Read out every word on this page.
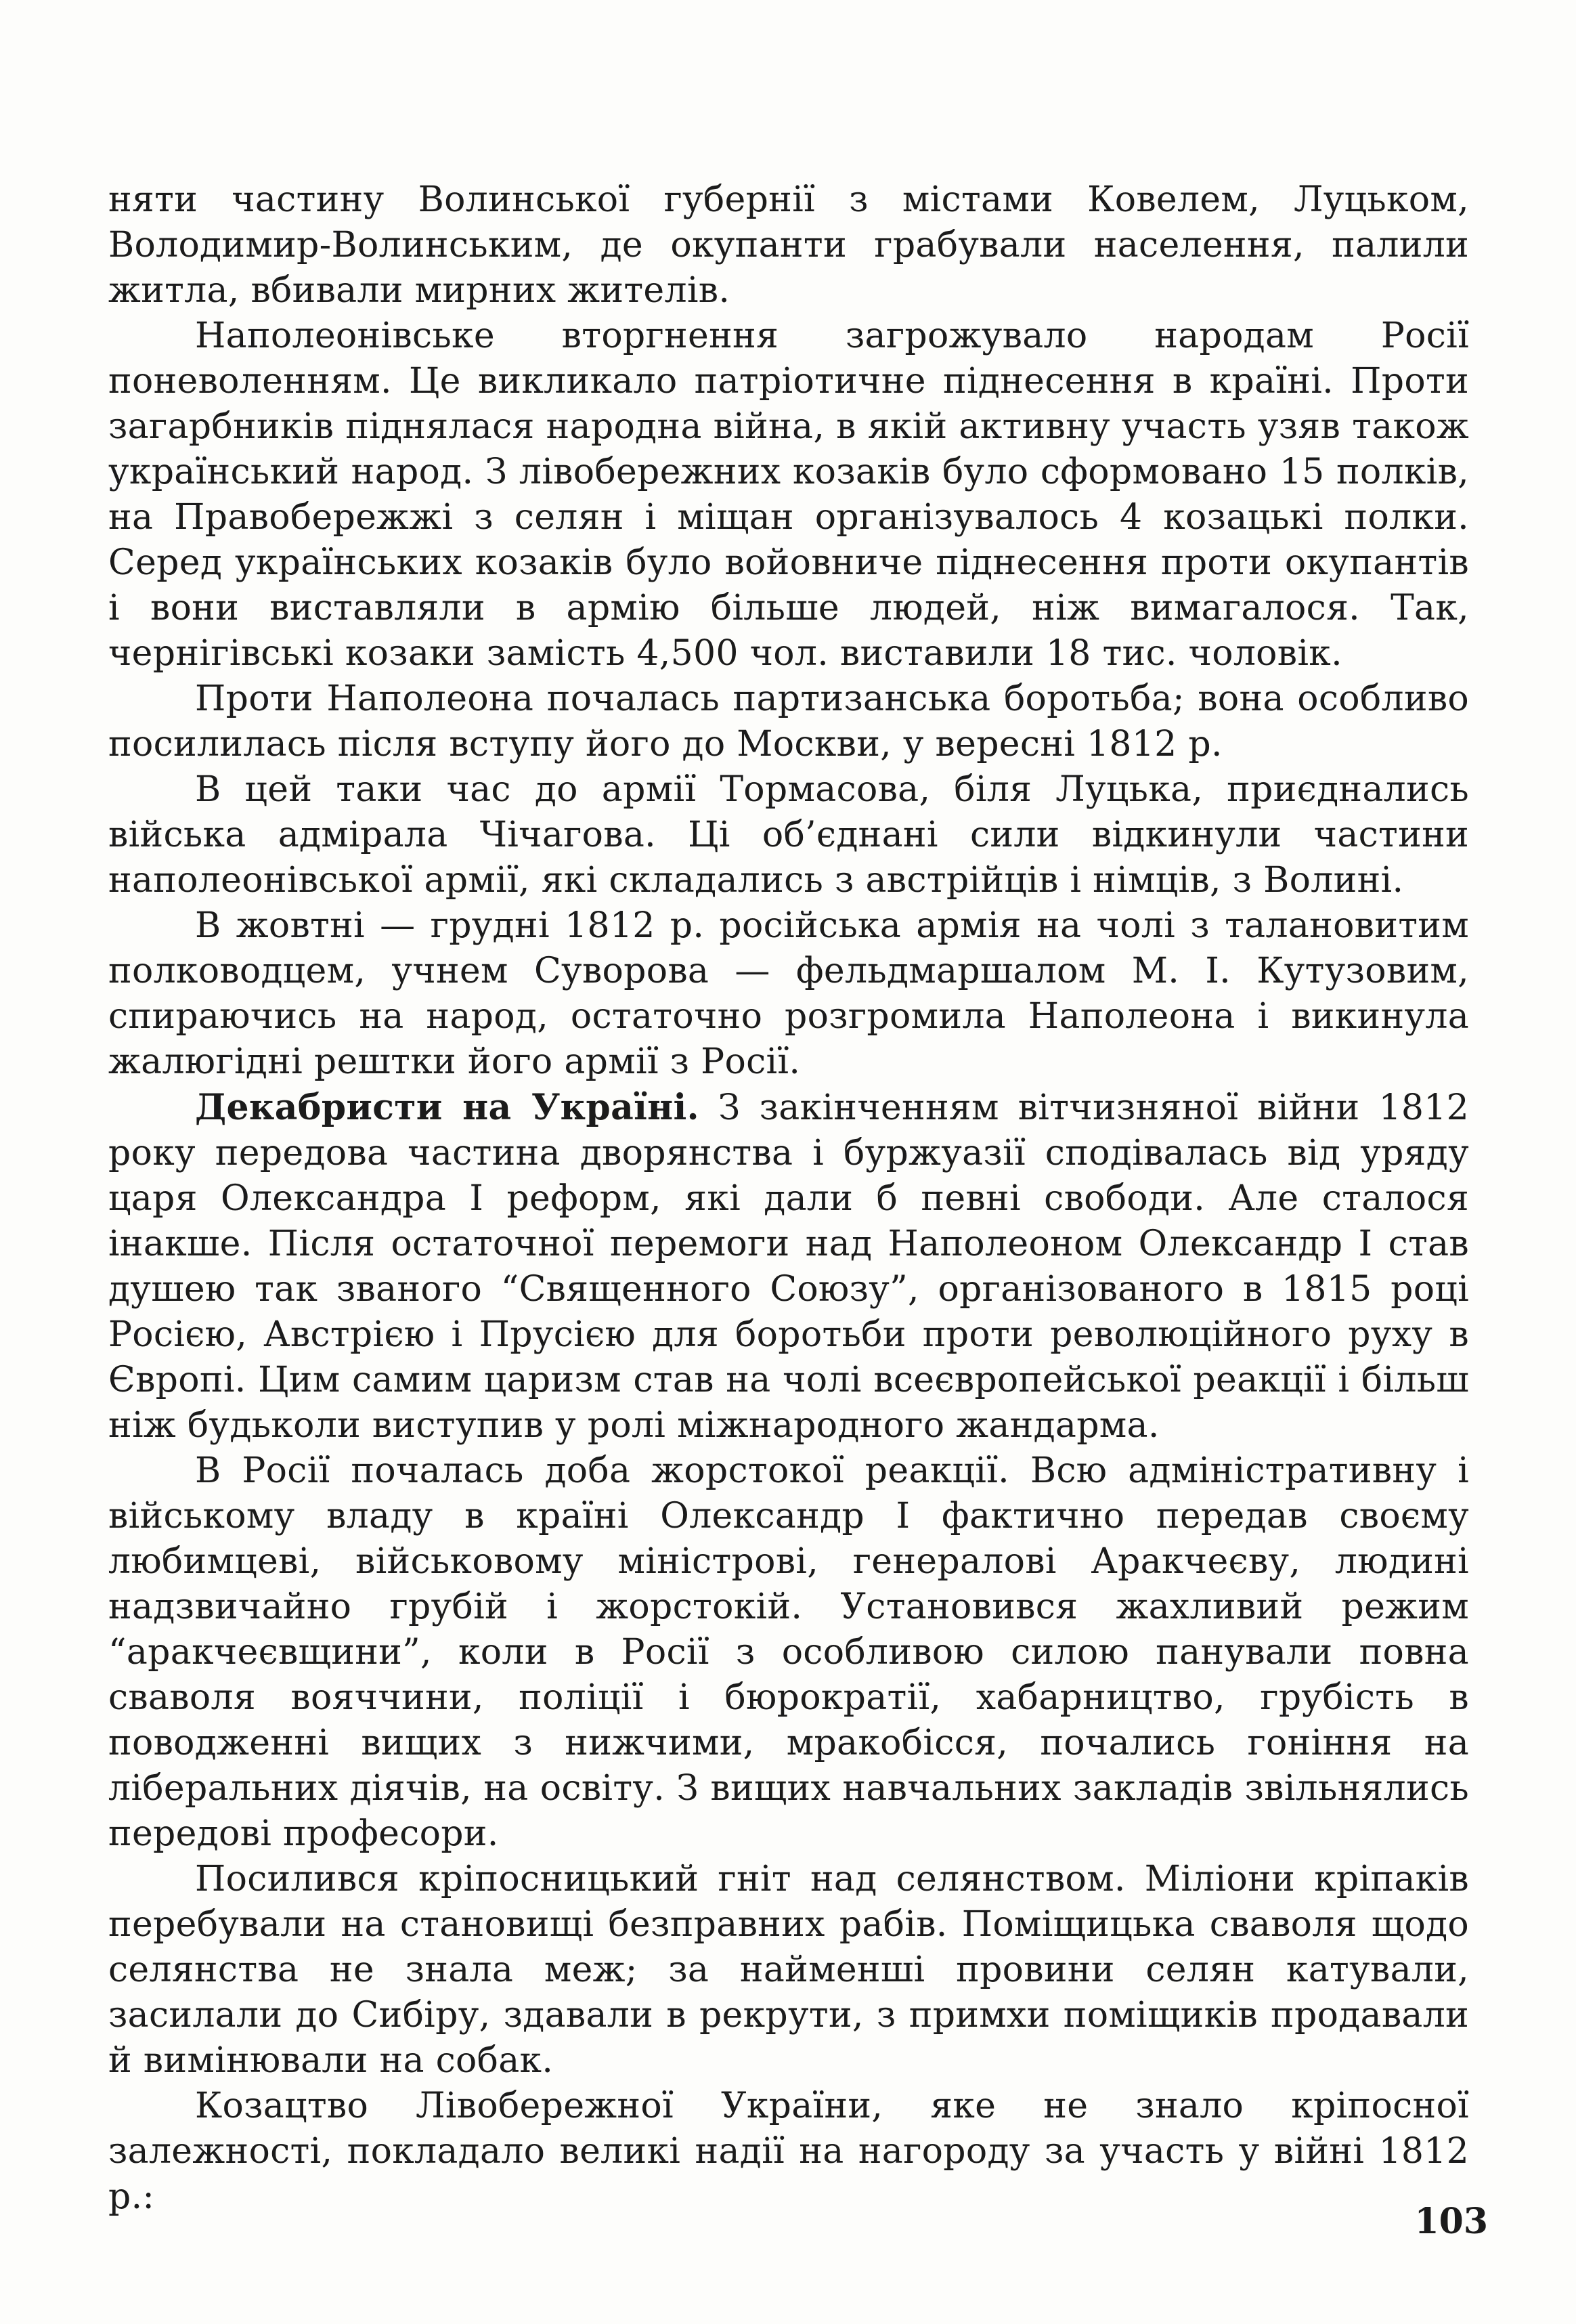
няти частину Волинської губернії з містами Ковелем, Луцьком, Володимир-Волинським, де окупанти грабували населення, палили житла, вбивали мирних жителів.

Наполеонівське вторгнення загрожувало народам Росії поневоленням. Це викликало патріотичне піднесення в країні. Проти загарбників піднялася народна війна, в якій активну участь узяв також український народ. З лівобережних козаків було сформовано 15 полків, на Правобережжі з селян і міщан організувалось 4 козацькі полки. Серед українських козаків було войовниче піднесення проти окупантів і вони виставляли в армію більше людей, ніж вимагалося. Так, чернігівські козаки замість 4,500 чол. виставили 18 тис. чоловік.

Проти Наполеона почалась партизанська боротьба; вона особливо посилилась після вступу його до Москви, у вересні 1812 р.

В цей таки час до армії Тормасова, біля Луцька, приєднались війська адмірала Чічагова. Ці об’єднані сили відкинули частини наполеонівської армії, які складались з австрійців і німців, з Волині.

В жовтні — грудні 1812 р. російська армія на чолі з талановитим полководцем, учнем Суворова — фельдмаршалом М. І. Кутузовим, спираючись на народ, остаточно розгромила Наполеона і викинула жалюгідні рештки його армії з Росії.

Декабристи на Україні. З закінченням вітчизняної війни 1812 року передова частина дворянства і буржуазії сподівалась від уряду царя Олександра І реформ, які дали б певні свободи. Але сталося інакше. Після остаточної перемоги над Наполеоном Олександр І став душею так званого “Священного Союзу”, організованого в 1815 році Росією, Австрією і Прусією для боротьби проти революційного руху в Європі. Цим самим царизм став на чолі всеєвропейської реакції і більш ніж будьколи виступив у ролі міжнародного жандарма.

В Росії почалась доба жорстокої реакції. Всю адміністративну і війському владу в країні Олександр І фактично передав своєму любимцеві, військовому міністрові, генералові Аракчеєву, людині надзвичайно грубій і жорстокій. Установився жахливий режим “аракчеєвщини”, коли в Росії з особливою силою панували повна сваволя вояччини, поліції і бюрократії, хабарництво, грубість в поводженні вищих з нижчими, мракобісся, почались гоніння на ліберальних діячів, на освіту. З вищих навчальних закладів звільнялись передові професори.

Посилився кріпосницький гніт над селянством. Міліони кріпаків перебували на становищі безправних рабів. Поміщицька сваволя щодо селянства не знала меж; за найменші провини селян катували, засилали до Сибіру, здавали в рекрути, з примхи поміщиків продавали й вимінювали на собак.

Козацтво Лівобережної України, яке не знало кріпосної залежності, покладало великі надії на нагороду за участь у війні 1812 р.:

103
